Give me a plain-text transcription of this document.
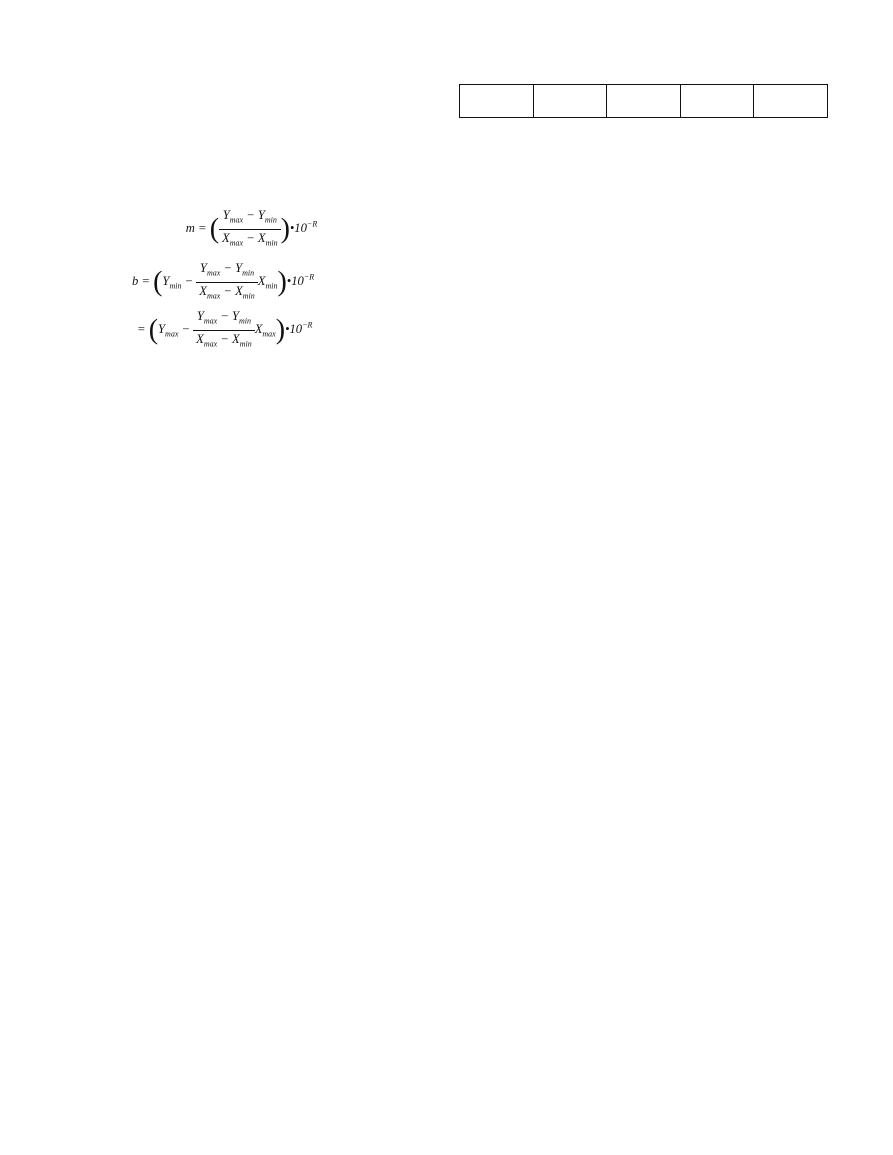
m = ( $\frac{Y_{max} - Y_{min}}{X_{max} - X_{min}}$ )$•10^{-R}$

$b = (Y_{min} - \frac{Y_{max} - Y_{min}}{X_{max} - X_{min}}$ $X_{min})•10^{-R}$
  = ($Y_{max} - \frac{Y_{max} - Y_{min}}{X_{max} - X_{min}}$ $X_{max})•10^{-R}$
